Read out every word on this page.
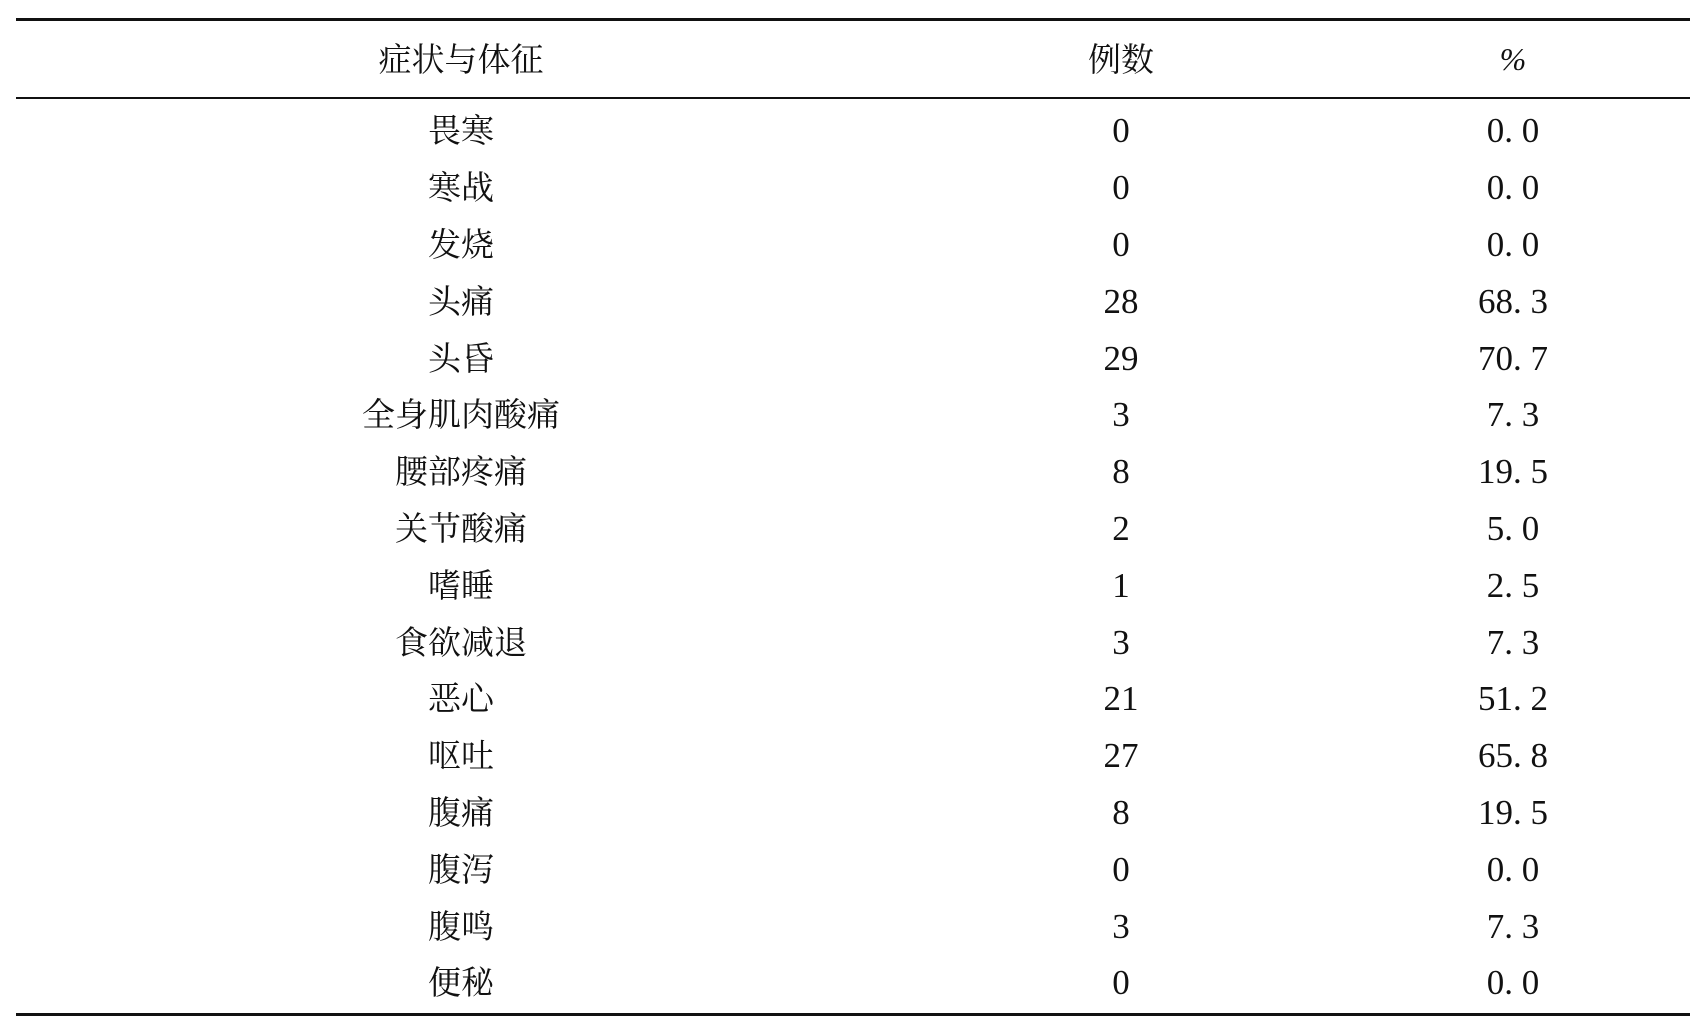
症状与体征	例数	%
畏寒	0	0. 0
寒战	0	0. 0
发烧	0	0. 0
头痛	28	68. 3
头昏	29	70. 7
全身肌肉酸痛	3	7. 3
腰部疼痛	8	19. 5
关节酸痛	2	5. 0
嗜睡	1	2. 5
食欲减退	3	7. 3
恶心	21	51. 2
呕吐	27	65. 8
腹痛	8	19. 5
腹泻	0	0. 0
腹鸣	3	7. 3
便秘	0	0. 0
